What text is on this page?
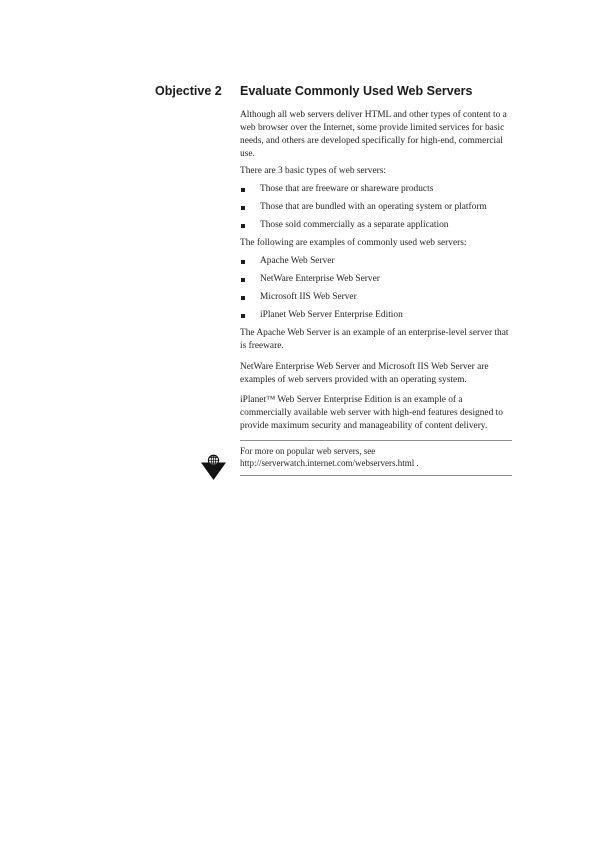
Objective 2 Evaluate Commonly Used Web Servers

Although all web servers deliver HTML and other types of content to a web browser over the Internet, some provide limited services for basic needs, and others are developed specifically for high-end, commercial use.

There are 3 basic types of web servers:

Those that are freeware or shareware products
Those that are bundled with an operating system or platform
Those sold commercially as a separate application

The following are examples of commonly used web servers:

Apache Web Server
NetWare Enterprise Web Server
Microsoft IIS Web Server
iPlanet Web Server Enterprise Edition

The Apache Web Server is an example of an enterprise-level server that is freeware.

NetWare Enterprise Web Server and Microsoft IIS Web Server are examples of web servers provided with an operating system.

iPlanet™ Web Server Enterprise Edition is an example of a commercially available web server with high-end features designed to provide maximum security and manageability of content delivery.

For more on popular web servers, see

http://serverwatch.internet.com/webservers.html .
